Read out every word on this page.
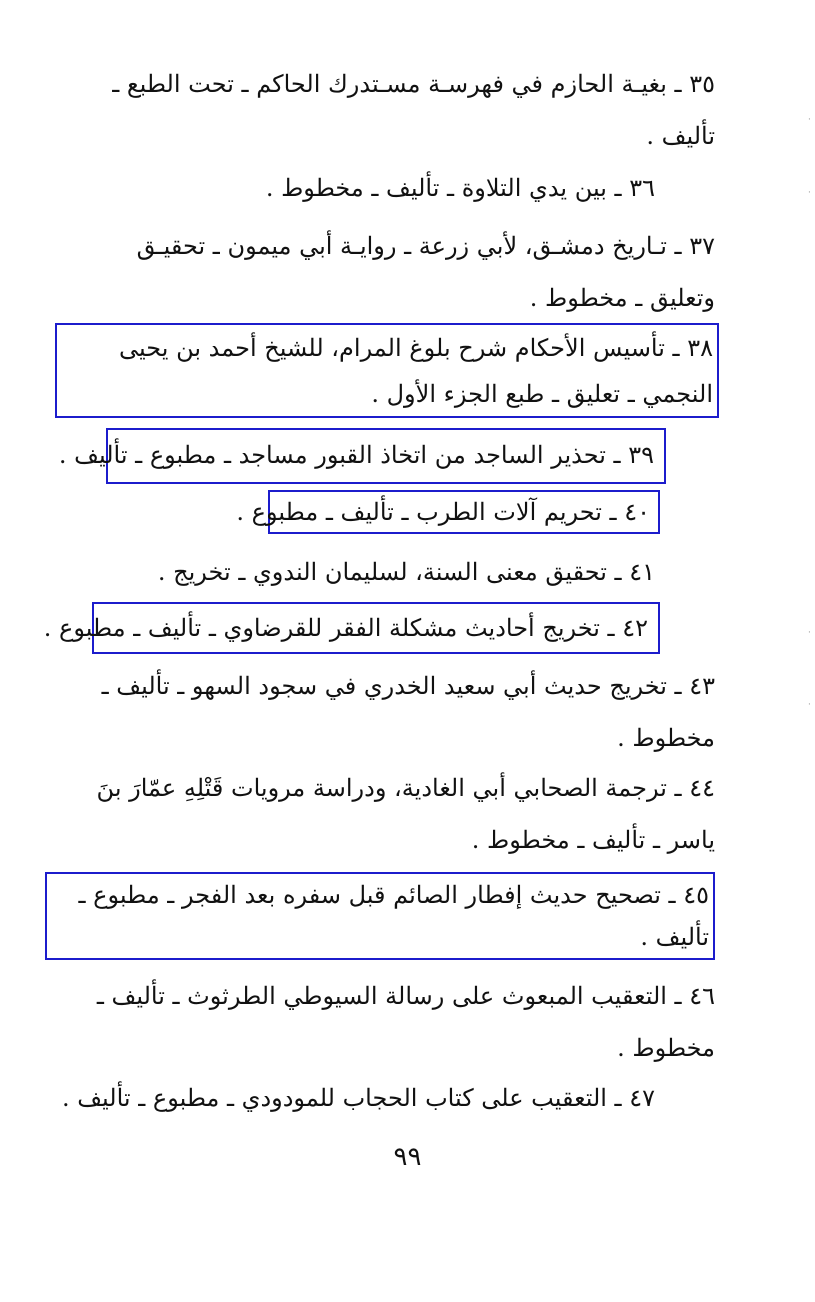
٣٥ ـ بغيـة الحازم في فهرسـة مسـتدرك الحاكم ـ تحت الطبع ـ
تأليف .
٣٦ ـ بين يدي التلاوة ـ تأليف ـ مخطوط .
٣٧ ـ تـاريخ دمشـق، لأبي زرعة ـ روايـة أبي ميمون ـ تحقيـق
وتعليق ـ مخطوط .
٣٨ ـ تأسيس الأحكام شرح بلوغ المرام، للشيخ أحمد بن يحيى
النجمي ـ تعليق ـ طبع الجزء الأول .
٣٩ ـ تحذير الساجد من اتخاذ القبور مساجد ـ مطبوع ـ تأليف .
٤٠ ـ تحريم آلات الطرب ـ تأليف ـ مطبوع .
٤١ ـ تحقيق معنى السنة، لسليمان الندوي ـ تخريج .
٤٢ ـ تخريج أحاديث مشكلة الفقر للقرضاوي ـ تأليف ـ مطبوع .
٤٣ ـ تخريج حديث أبي سعيد الخدري في سجود السهو ـ تأليف ـ
مخطوط .
٤٤ ـ ترجمة الصحابي أبي الغادية، ودراسة مرويات قَتْلِهِ عمّارَ بنَ
ياسر ـ تأليف ـ مخطوط .
٤٥ ـ تصحيح حديث إفطار الصائم قبل سفره بعد الفجر ـ مطبوع ـ
تأليف .
٤٦ ـ التعقيب المبعوث على رسالة السيوطي الطرثوث ـ تأليف ـ
مخطوط .
٤٧ ـ التعقيب على كتاب الحجاب للمودودي ـ مطبوع ـ تأليف .
٩٩
·
·
·
·
